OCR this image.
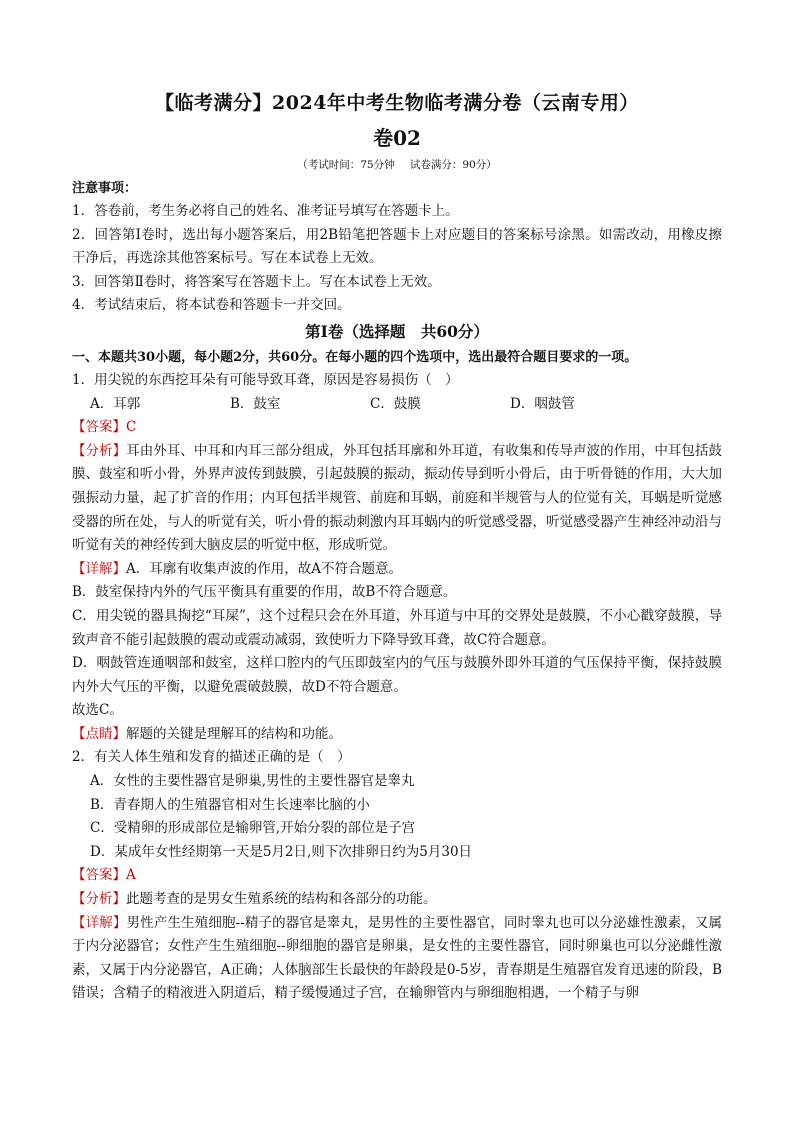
【临考满分】2024年中考生物临考满分卷（云南专用）
卷02
（考试时间：75分钟 试卷满分：90分）
注意事项：

1．答卷前，考生务必将自己的姓名、准考证号填写在答题卡上。

2．回答第Ⅰ卷时，选出每小题答案后，用2B铅笔把答题卡上对应题目的答案标号涂黑。如需改动，用橡皮擦干净后，再选涂其他答案标号。写在本试卷上无效。

3．回答第Ⅱ卷时，将答案写在答题卡上。写在本试卷上无效。

4．考试结束后，将本试卷和答题卡一并交回。

第Ⅰ卷（选择题　共60分）
一、本题共30小题，每小题2分，共60分。在每小题的四个选项中，选出最符合题目要求的一项。

1．用尖锐的东西挖耳朵有可能导致耳聋，原因是容易损伤（　）

A．耳郭	B．鼓室	C．鼓膜	D．咽鼓管

【答案】C

【分析】耳由外耳、中耳和内耳三部分组成，外耳包括耳廓和外耳道，有收集和传导声波的作用，中耳包括鼓膜、鼓室和听小骨，外界声波传到鼓膜，引起鼓膜的振动，振动传导到听小骨后，由于听骨链的作用，大大加强振动力量，起了扩音的作用；内耳包括半规管、前庭和耳蜗，前庭和半规管与人的位觉有关，耳蜗是听觉感受器的所在处，与人的听觉有关，听小骨的振动刺激内耳耳蜗内的听觉感受器，听觉感受器产生神经冲动沿与听觉有关的神经传到大脑皮层的听觉中枢，形成听觉。

【详解】A．耳廓有收集声波的作用，故A不符合题意。

B．鼓室保持内外的气压平衡具有重要的作用，故B不符合题意。

C．用尖锐的器具掏挖“耳屎”，这个过程只会在外耳道，外耳道与中耳的交界处是鼓膜，不小心戳穿鼓膜，导致声音不能引起鼓膜的震动或震动减弱，致使听力下降导致耳聋，故C符合题意。

D．咽鼓管连通咽部和鼓室，这样口腔内的气压即鼓室内的气压与鼓膜外即外耳道的气压保持平衡，保持鼓膜内外大气压的平衡，以避免震破鼓膜，故D不符合题意。

故选C。

【点睛】解题的关键是理解耳的结构和功能。

2．有关人体生殖和发育的描述正确的是（　）

A．女性的主要性器官是卵巢,男性的主要性器官是睾丸

B．青春期人的生殖器官相对生长速率比脑的小

C．受精卵的形成部位是输卵管,开始分裂的部位是子宫

D．某成年女性经期第一天是5月2日,则下次排卵日约为5月30日

【答案】A

【分析】此题考查的是男女生殖系统的结构和各部分的功能。

【详解】男性产生生殖细胞--精子的器官是睾丸，是男性的主要性器官，同时睾丸也可以分泌雄性激素，又属于内分泌器官；女性产生生殖细胞--卵细胞的器官是卵巢，是女性的主要性器官，同时卵巢也可以分泌雌性激素，又属于内分泌器官，A正确；人体脑部生长最快的年龄段是0-5岁，青春期是生殖器官发育迅速的阶段，B错误；含精子的精液进入阴道后，精子缓慢通过子宫，在输卵管内与卵细胞相遇，一个精子与卵
